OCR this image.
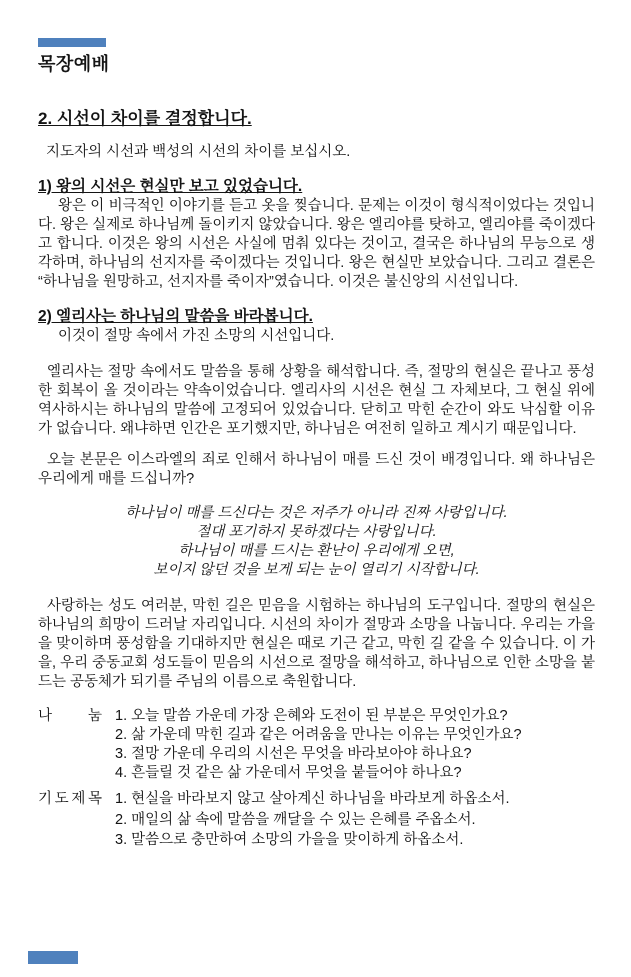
목장예배
2. 시선이 차이를 결정합니다.
지도자의 시선과 백성의 시선의 차이를 보십시오.
1) 왕의 시선은 현실만 보고 있었습니다.

왕은 이 비극적인 이야기를 듣고 옷을 찢습니다. 문제는 이것이 형식적이었다는 것입니다. 왕은 실제로 하나님께 돌이키지 않았습니다. 왕은 엘리야를 탓하고, 엘리야를 죽이겠다고 합니다. 이것은 왕의 시선은 사실에 멈춰 있다는 것이고, 결국은 하나님의 무능으로 생각하며, 하나님의 선지자를 죽이겠다는 것입니다. 왕은 현실만 보았습니다. 그리고 결론은 “하나님을 원망하고, 선지자를 죽이자”였습니다. 이것은 불신앙의 시선입니다.

2) 엘리사는 하나님의 말씀을 바라봅니다.

이것이 절망 속에서 가진 소망의 시선입니다.

엘리사는 절망 속에서도 말씀을 통해 상황을 해석합니다. 즉, 절망의 현실은 끝나고 풍성한 회복이 올 것이라는 약속이었습니다. 엘리사의 시선은 현실 그 자체보다, 그 현실 위에 역사하시는 하나님의 말씀에 고정되어 있었습니다. 닫히고 막힌 순간이 와도 낙심할 이유가 없습니다. 왜냐하면 인간은 포기했지만, 하나님은 여전히 일하고 계시기 때문입니다.

오늘 본문은 이스라엘의 죄로 인해서 하나님이 매를 드신 것이 배경입니다. 왜 하나님은 우리에게 매를 드십니까?

하나님이 매를 드신다는 것은 저주가 아니라 진짜 사랑입니다.
절대 포기하지 못하겠다는 사랑입니다.
하나님이 매를 드시는 환난이 우리에게 오면,
보이지 않던 것을 보게 되는 눈이 열리기 시작합니다.

사랑하는 성도 여러분, 막힌 길은 믿음을 시험하는 하나님의 도구입니다. 절망의 현실은 하나님의 희망이 드러날 자리입니다. 시선의 차이가 절망과 소망을 나눕니다. 우리는 가을을 맞이하며 풍성함을 기대하지만 현실은 때로 기근 같고, 막힌 길 같을 수 있습니다. 이 가을, 우리 중동교회 성도들이 믿음의 시선으로 절망을 해석하고, 하나님으로 인한 소망을 붙드는 공동체가 되기를 주님의 이름으로 축원합니다.

나 눔 1. 오늘 말씀 가운데 가장 은혜와 도전이 된 부분은 무엇인가요?
2. 삶 가운데 막힌 길과 같은 어려움을 만나는 이유는 무엇인가요?
3. 절망 가운데 우리의 시선은 무엇을 바라보아야 하나요?
4. 흔들릴 것 같은 삶 가운데서 무엇을 붙들어야 하나요?
기 도 제 목 1. 현실을 바라보지 않고 살아계신 하나님을 바라보게 하옵소서.
2. 매일의 삶 속에 말씀을 깨달을 수 있는 은혜를 주옵소서.
3. 말씀으로 충만하여 소망의 가을을 맞이하게 하옵소서.
